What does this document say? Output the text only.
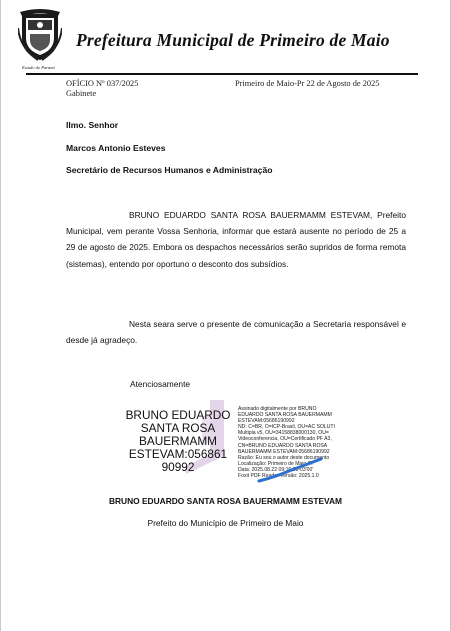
Estado do Paraná
Prefeitura Municipal de Primeiro de Maio
OFÍCIO Nº 037/2025
Gabinete
Primeiro de Maio-Pr 22 de Agosto de 2025
Ilmo. Senhor
Marcos Antonio Esteves
Secretário de Recursos Humanos e Administração

BRUNO EDUARDO SANTA ROSA BAUERMAMM ESTEVAM, Prefeito Municipal, vem perante Vossa Senhoria, informar que estará ausente no período de 25 a 29 de agosto de 2025. Embora os despachos necessários serão supridos de forma remota (sistemas), entendo por oportuno o desconto dos subsídios.

Nesta seara serve o presente de comunicação a Secretaria responsável e desde já agradeço.

Atenciosamente
BRUNO EDUARDO
SANTA ROSA
BAUERMAMM
ESTEVAM:056861
90992
Assinado digitalmente por BRUNO
EDUARDO SANTA ROSA BAUERMAMM
ESTEVAM:05686190992
ND: C=BR, O=ICP-Brasil, OU=AC SOLUTI
Multipla v5, OU=34158838000130, OU=
Videoconferencia, OU=Certificado PF A3,
CN=BRUNO EDUARDO SANTA ROSA
BAUERMAMM ESTEVAM:05686190992
Razão: Eu sou o autor deste documento
Localização: Primeiro de Maio-Pr
Data: 2025.08.22 09:16:38-03'00'
Foxit PDF Reader Versão: 2025.1.0
BRUNO EDUARDO SANTA ROSA BAUERMAMM ESTEVAM
Prefeito do Município de Primeiro de Maio
